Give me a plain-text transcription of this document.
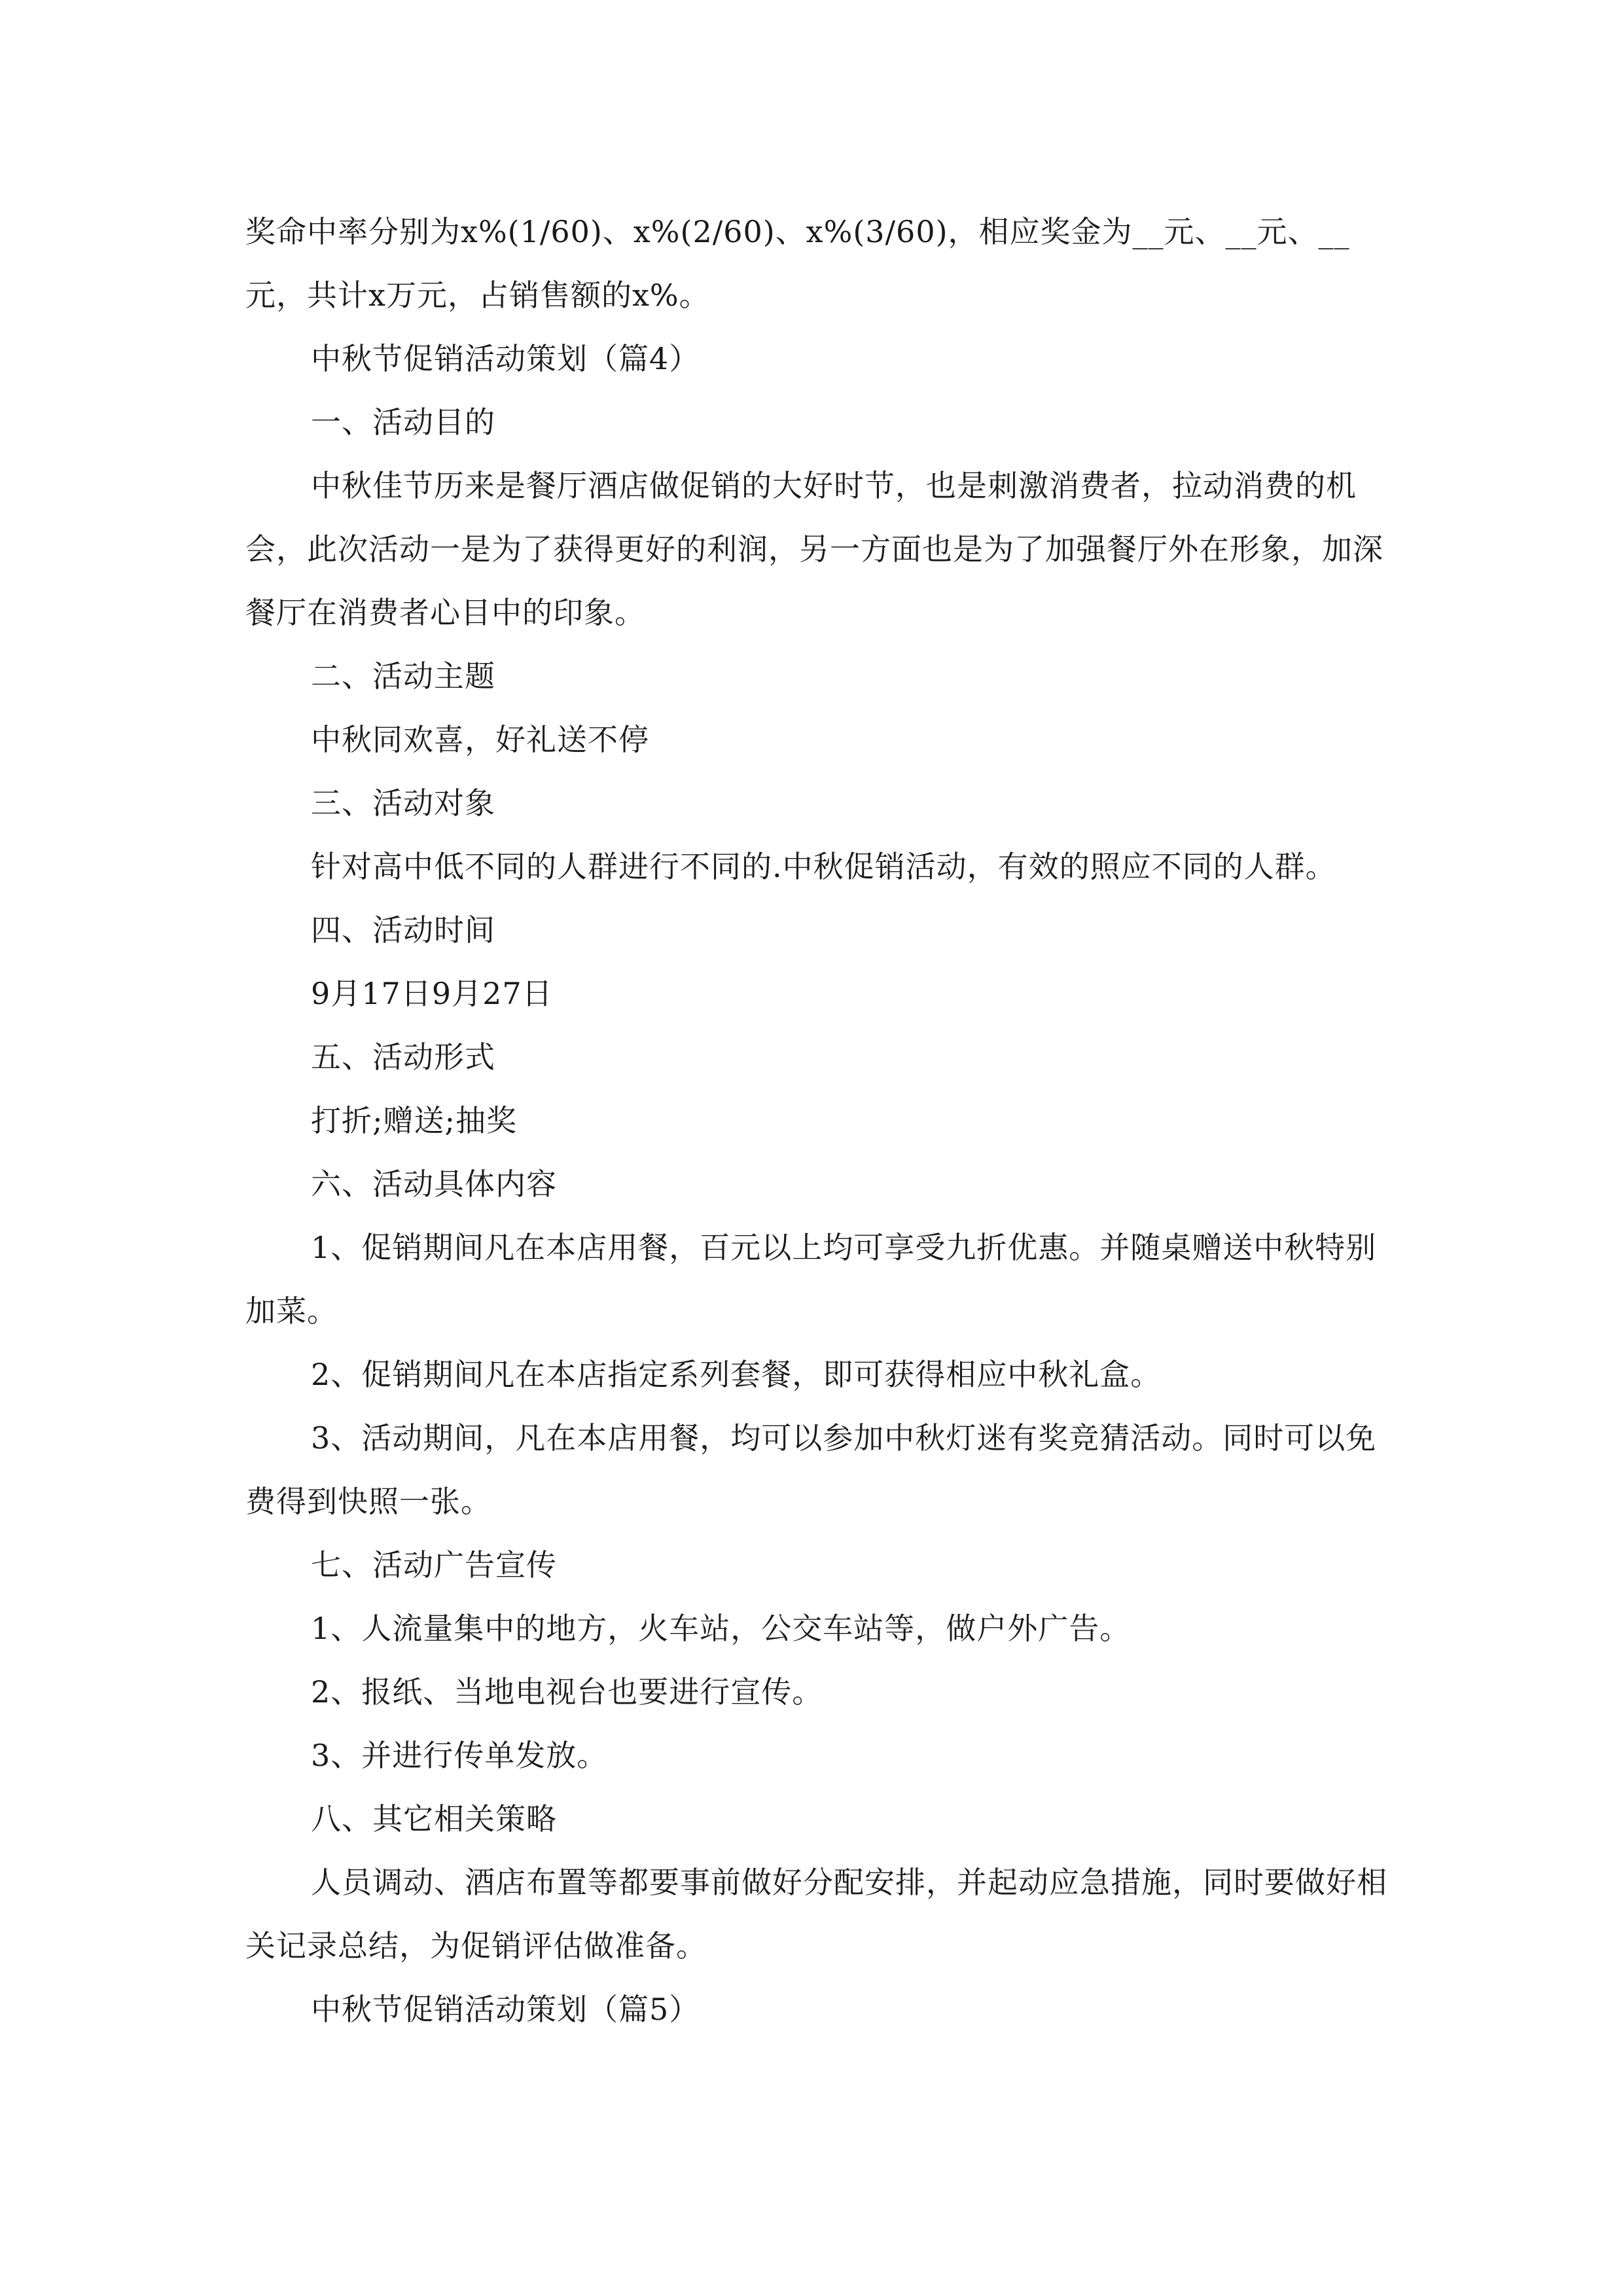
奖命中率分别为x%(1/60)、x%(2/60)、x%(3/60)，相应奖金为__元、__元、__元，共计x万元，占销售额的x%。

中秋节促销活动策划（篇4）

一、活动目的

中秋佳节历来是餐厅酒店做促销的大好时节，也是刺激消费者，拉动消费的机会，此次活动一是为了获得更好的利润，另一方面也是为了加强餐厅外在形象，加深餐厅在消费者心目中的印象。

二、活动主题

中秋同欢喜，好礼送不停

三、活动对象

针对高中低不同的人群进行不同的.中秋促销活动，有效的照应不同的人群。

四、活动时间

9月17日9月27日

五、活动形式

打折;赠送;抽奖

六、活动具体内容

1、促销期间凡在本店用餐，百元以上均可享受九折优惠。并随桌赠送中秋特别加菜。

2、促销期间凡在本店指定系列套餐，即可获得相应中秋礼盒。

3、活动期间，凡在本店用餐，均可以参加中秋灯迷有奖竞猜活动。同时可以免费得到快照一张。

七、活动广告宣传

1、人流量集中的地方，火车站，公交车站等，做户外广告。

2、报纸、当地电视台也要进行宣传。

3、并进行传单发放。

八、其它相关策略

人员调动、酒店布置等都要事前做好分配安排，并起动应急措施，同时要做好相关记录总结，为促销评估做准备。

中秋节促销活动策划（篇5）
